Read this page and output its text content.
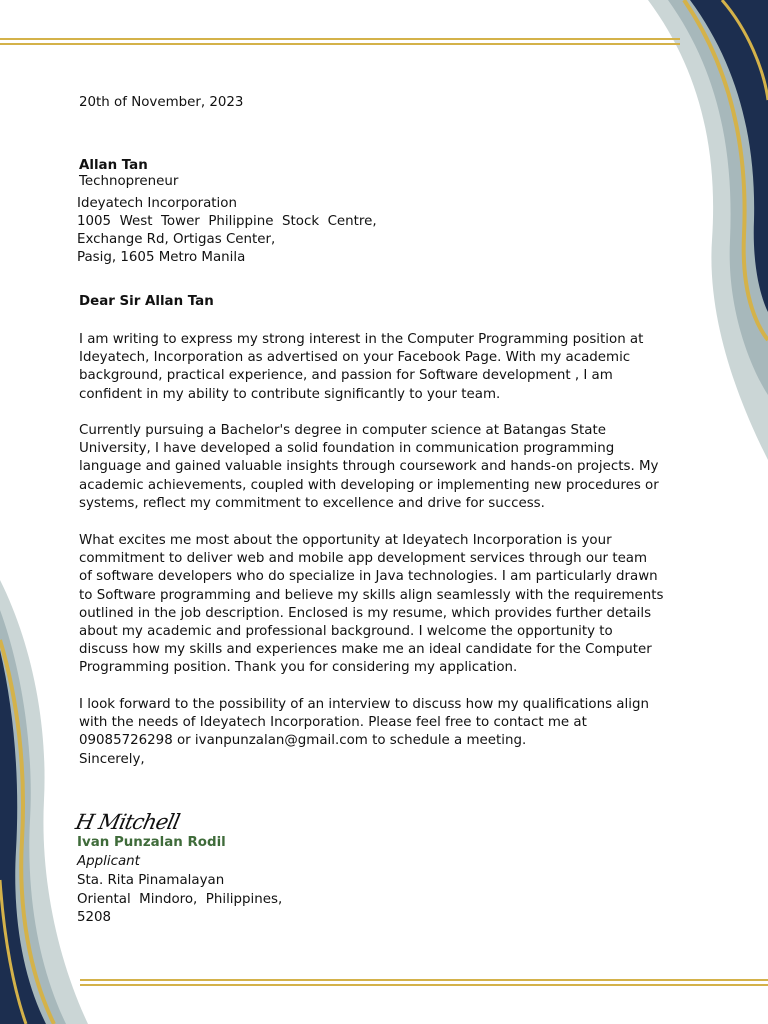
20th of November, 2023
Allan Tan
Technopreneur
Ideyatech Incorporation
1005  West  Tower  Philippine  Stock  Centre,
Exchange Rd, Ortigas Center,
Pasig, 1605 Metro Manila
Dear Sir Allan Tan
I am writing to express my strong interest in the Computer Programming position at
Ideyatech, Incorporation as advertised on your Facebook Page. With my academic
background, practical experience, and passion for Software development , I am
confident in my ability to contribute significantly to your team.
Currently pursuing a Bachelor's degree in computer science at Batangas State
University, I have developed a solid foundation in communication programming
language and gained valuable insights through coursework and hands-on projects. My
academic achievements, coupled with developing or implementing new procedures or
systems, reflect my commitment to excellence and drive for success.
What excites me most about the opportunity at Ideyatech Incorporation is your
commitment to deliver web and mobile app development services through our team
of software developers who do specialize in Java technologies. I am particularly drawn
to Software programming and believe my skills align seamlessly with the requirements
outlined in the job description. Enclosed is my resume, which provides further details
about my academic and professional background. I welcome the opportunity to
discuss how my skills and experiences make me an ideal candidate for the Computer
Programming position. Thank you for considering my application.
I look forward to the possibility of an interview to discuss how my qualifications align
with the needs of Ideyatech Incorporation. Please feel free to contact me at
09085726298 or ivanpunzalan@gmail.com to schedule a meeting.
Sincerely,
H Mitchell
Ivan Punzalan Rodil
Applicant
Sta. Rita Pinamalayan
Oriental  Mindoro,  Philippines,
5208
